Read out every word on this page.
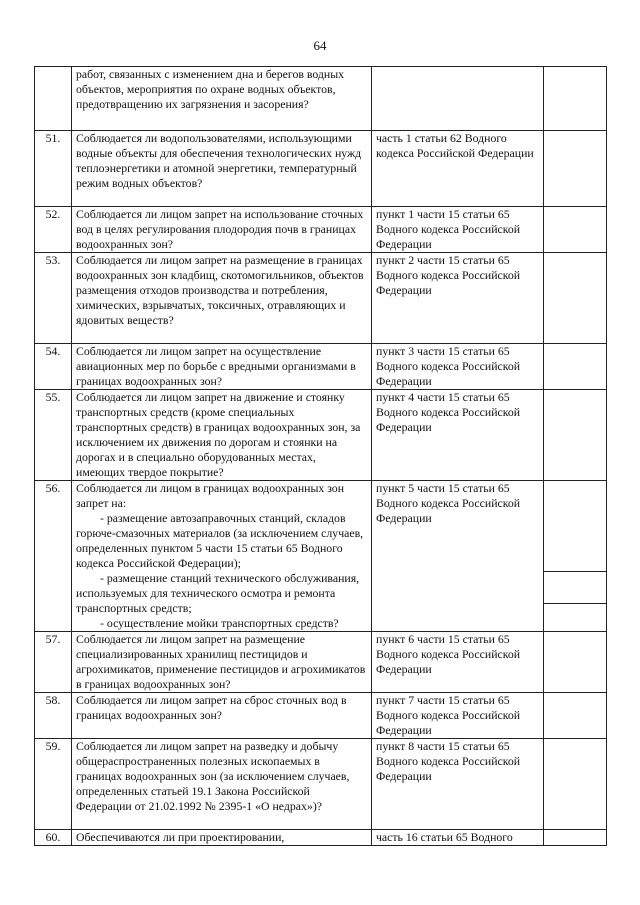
64
	работ, связанных с изменением дна и берегов водных объектов, мероприятия по охране водных объектов, предотвращению их загрязнения и засорения?		
51.	Соблюдается ли водопользователями, использующими водные объекты для обеспечения технологических нужд теплоэнергетики и атомной энергетики, температурный режим водных объектов?	часть 1 статьи 62 Водного кодекса Российской Федерации	
52.	Соблюдается ли лицом запрет на использование сточных вод в целях регулирования плодородия почв в границах водоохранных зон?	пункт 1 части 15 статьи 65 Водного кодекса Российской Федерации	
53.	Соблюдается ли лицом запрет на размещение в границах водоохранных зон кладбищ, скотомогильников, объектов размещения отходов производства и потребления, химических, взрывчатых, токсичных, отравляющих и ядовитых веществ?	пункт 2 части 15 статьи 65 Водного кодекса Российской Федерации	
54.	Соблюдается ли лицом запрет на осуществление авиационных мер по борьбе с вредными организмами в границах водоохранных зон?	пункт 3 части 15 статьи 65 Водного кодекса Российской Федерации	
55.	Соблюдается ли лицом запрет на движение и стоянку транспортных средств (кроме специальных транспортных средств) в границах водоохранных зон, за исключением их движения по дорогам и стоянки на дорогах и в специально оборудованных местах, имеющих твердое покрытие?	пункт 4 части 15 статьи 65 Водного кодекса Российской Федерации	
56.	Соблюдается ли лицом в границах водоохранных зон запрет на:
- размещение автозаправочных станций, складов горюче-смазочных материалов (за исключением случаев, определенных пунктом 5 части 15 статьи 65 Водного кодекса Российской Федерации);
- размещение станций технического обслуживания, используемых для технического осмотра и ремонта транспортных средств;
- осуществление мойки транспортных средств?	пункт 5 части 15 статьи 65 Водного кодекса Российской Федерации	

57.	Соблюдается ли лицом запрет на размещение специализированных хранилищ пестицидов и агрохимикатов, применение пестицидов и агрохимикатов в границах водоохранных зон?	пункт 6 части 15 статьи 65 Водного кодекса Российской Федерации	
58.	Соблюдается ли лицом запрет на сброс сточных вод в границах водоохранных зон?	пункт 7 части 15 статьи 65 Водного кодекса Российской Федерации	
59.	Соблюдается ли лицом запрет на разведку и добычу общераспространенных полезных ископаемых в границах водоохранных зон (за исключением случаев, определенных статьей 19.1 Закона Российской Федерации от 21.02.1992 № 2395-1 «О недрах»)?	пункт 8 части 15 статьи 65 Водного кодекса Российской Федерации	
60.	Обеспечиваются ли при проектировании,	часть 16 статьи 65 Водного	
